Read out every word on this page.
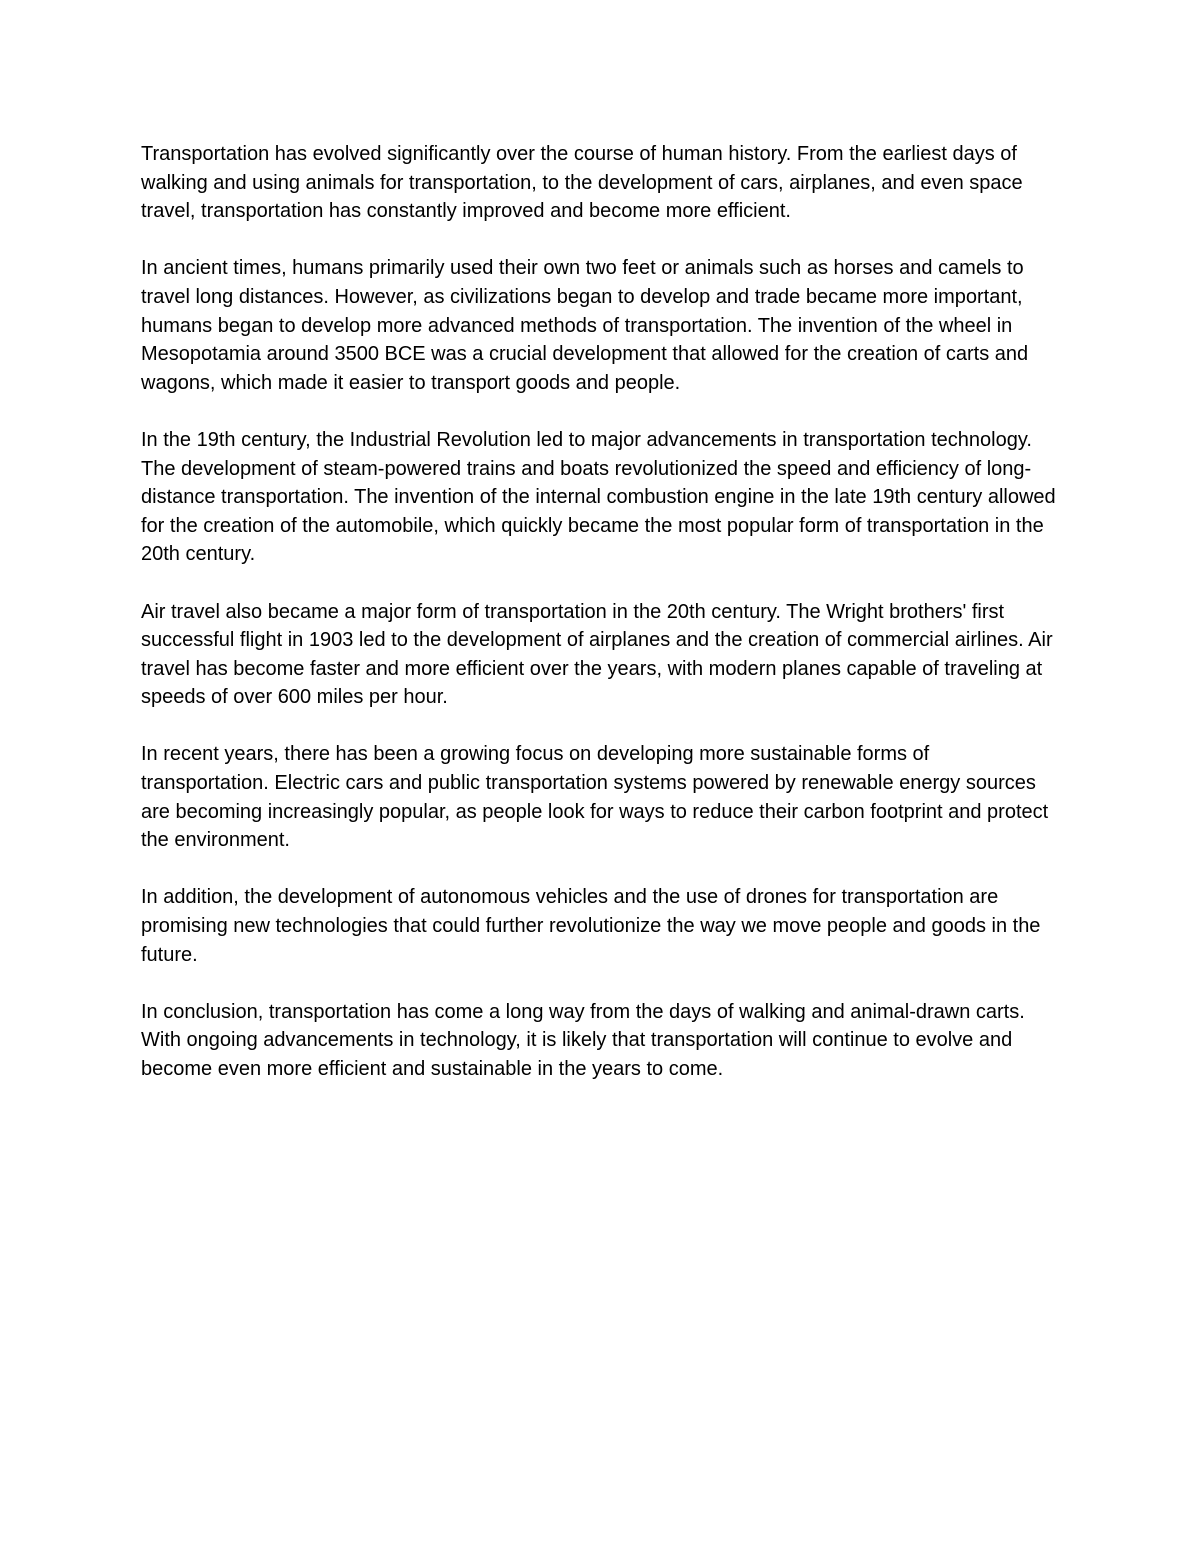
Transportation has evolved significantly over the course of human history. From the earliest days of walking and using animals for transportation, to the development of cars, airplanes, and even space travel, transportation has constantly improved and become more efficient.

In ancient times, humans primarily used their own two feet or animals such as horses and camels to travel long distances. However, as civilizations began to develop and trade became more important, humans began to develop more advanced methods of transportation. The invention of the wheel in Mesopotamia around 3500 BCE was a crucial development that allowed for the creation of carts and wagons, which made it easier to transport goods and people.

In the 19th century, the Industrial Revolution led to major advancements in transportation technology. The development of steam-powered trains and boats revolutionized the speed and efficiency of long-distance transportation. The invention of the internal combustion engine in the late 19th century allowed for the creation of the automobile, which quickly became the most popular form of transportation in the 20th century.

Air travel also became a major form of transportation in the 20th century. The Wright brothers' first successful flight in 1903 led to the development of airplanes and the creation of commercial airlines. Air travel has become faster and more efficient over the years, with modern planes capable of traveling at speeds of over 600 miles per hour.

In recent years, there has been a growing focus on developing more sustainable forms of transportation. Electric cars and public transportation systems powered by renewable energy sources are becoming increasingly popular, as people look for ways to reduce their carbon footprint and protect the environment.

In addition, the development of autonomous vehicles and the use of drones for transportation are promising new technologies that could further revolutionize the way we move people and goods in the future.

In conclusion, transportation has come a long way from the days of walking and animal-drawn carts. With ongoing advancements in technology, it is likely that transportation will continue to evolve and become even more efficient and sustainable in the years to come.
